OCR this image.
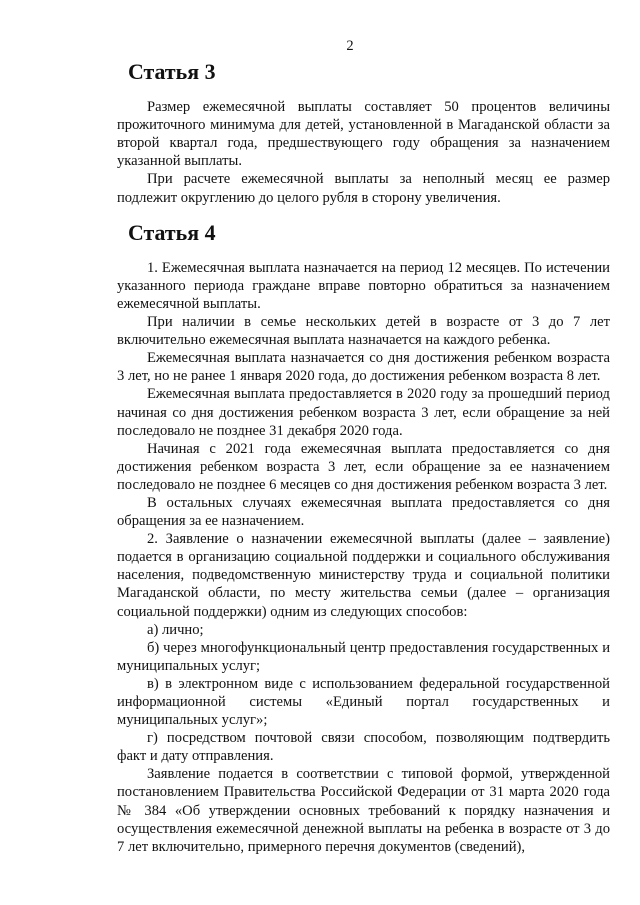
2
Статья 3

Размер ежемесячной выплаты составляет 50 процентов величины прожиточного минимума для детей, установленной в Магаданской области за второй квартал года, предшествующего году обращения за назначением указанной выплаты.

При расчете ежемесячной выплаты за неполный месяц ее размер подлежит округлению до целого рубля в сторону увеличения.

Статья 4

1. Ежемесячная выплата назначается на период 12 месяцев. По истечении указанного периода граждане вправе повторно обратиться за назначением ежемесячной выплаты.

При наличии в семье нескольких детей в возрасте от 3 до 7 лет включительно ежемесячная выплата назначается на каждого ребенка.

Ежемесячная выплата назначается со дня достижения ребенком возраста 3 лет, но не ранее 1 января 2020 года, до достижения ребенком возраста 8 лет.

Ежемесячная выплата предоставляется в 2020 году за прошедший период начиная со дня достижения ребенком возраста 3 лет, если обращение за ней последовало не позднее 31 декабря 2020 года.

Начиная с 2021 года ежемесячная выплата предоставляется со дня достижения ребенком возраста 3 лет, если обращение за ее назначением последовало не позднее 6 месяцев со дня достижения ребенком возраста 3 лет.

В остальных случаях ежемесячная выплата предоставляется со дня обращения за ее назначением.

2. Заявление о назначении ежемесячной выплаты (далее – заявление) подается в организацию социальной поддержки и социального обслуживания населения, подведомственную министерству труда и социальной политики Магаданской области, по месту жительства семьи (далее – организация социальной поддержки) одним из следующих способов:

а) лично;

б) через многофункциональный центр предоставления государственных и муниципальных услуг;

в) в электронном виде с использованием федеральной государственной информационной системы «Единый портал государственных и муниципальных услуг»;

г) посредством почтовой связи способом, позволяющим подтвердить факт и дату отправления.

Заявление подается в соответствии с типовой формой, утвержденной постановлением Правительства Российской Федерации от 31 марта 2020 года № 384 «Об утверждении основных требований к порядку назначения и осуществления ежемесячной денежной выплаты на ребенка в возрасте от 3 до 7 лет включительно, примерного перечня документов (сведений),
